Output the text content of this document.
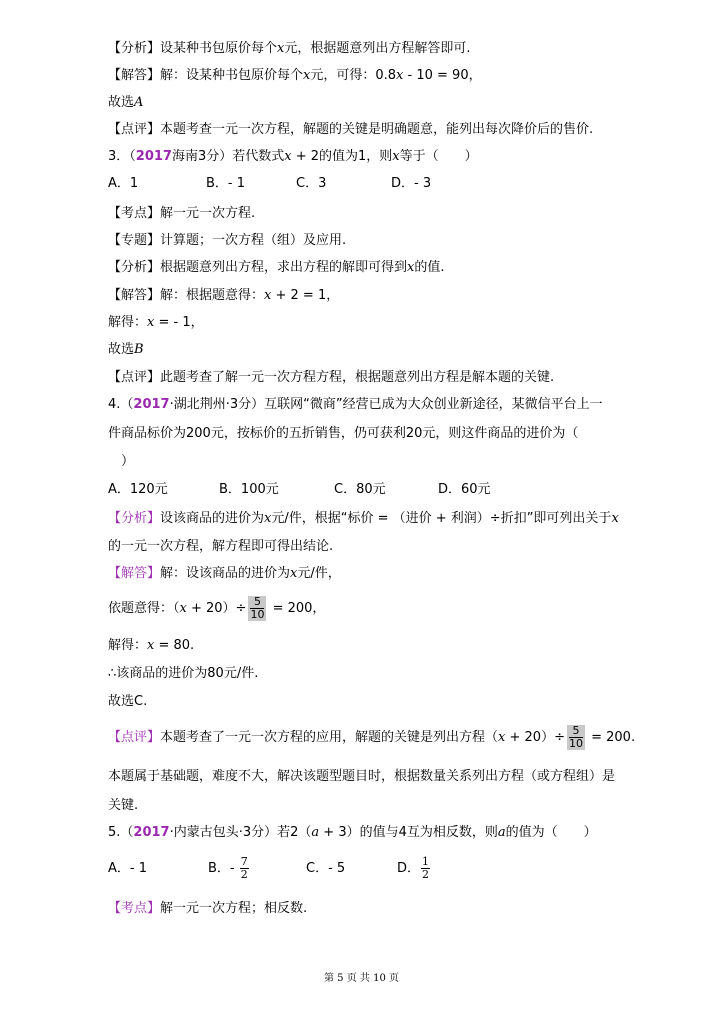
【分析】设某种书包原价每个x元，根据题意列出方程解答即可.
【解答】解：设某种书包原价每个x元，可得：0.8x - 10 = 90，
故选A
【点评】本题考查一元一次方程，解题的关键是明确题意，能列出每次降价后的售价.
3．（2017海南3分）若代数式x + 2的值为1，则x等于（　　）
A．1	B．- 1	C．3	D．- 3
【考点】解一元一次方程.
【专题】计算题；一次方程（组）及应用.
【分析】根据题意列出方程，求出方程的解即可得到x的值.
【解答】解：根据题意得：x + 2 = 1，
解得：x = - 1，
故选B
【点评】此题考查了解一元一次方程方程，根据题意列出方程是解本题的关键.
4.（2017·湖北荆州·3分）互联网“微商”经营已成为大众创业新途径，某微信平台上一
件商品标价为200元，按标价的五折销售，仍可获利20元，则这件商品的进价为（
）
A．120元	B．100元	C．80元	D．60元
【分析】设该商品的进价为x元/件，根据“标价 = （进价 + 利润）÷折扣”即可列出关于x
的一元一次方程，解方程即可得出结论.
【解答】解：设该商品的进价为x元/件，
依题意得：$(x + 20)\div \frac{5}{10} = 200$，
解得：x = 80.
∴该商品的进价为80元/件.
故选C.
【点评】本题考查了一元一次方程的应用，解题的关键是列出方程$(x + 20)\div \frac{5}{10} = 200$.
本题属于基础题，难度不大，解决该题型题目时，根据数量关系列出方程（或方程组）是
关键.
5.（2017·内蒙古包头·3分）若2（a + 3）的值与4互为相反数，则a的值为（　　）
A．- 1	B．- $\frac{7}{2}$	C．- 5	D． $\frac{1}{2}$
【考点】解一元一次方程；相反数.
第 5 页 共 10 页
